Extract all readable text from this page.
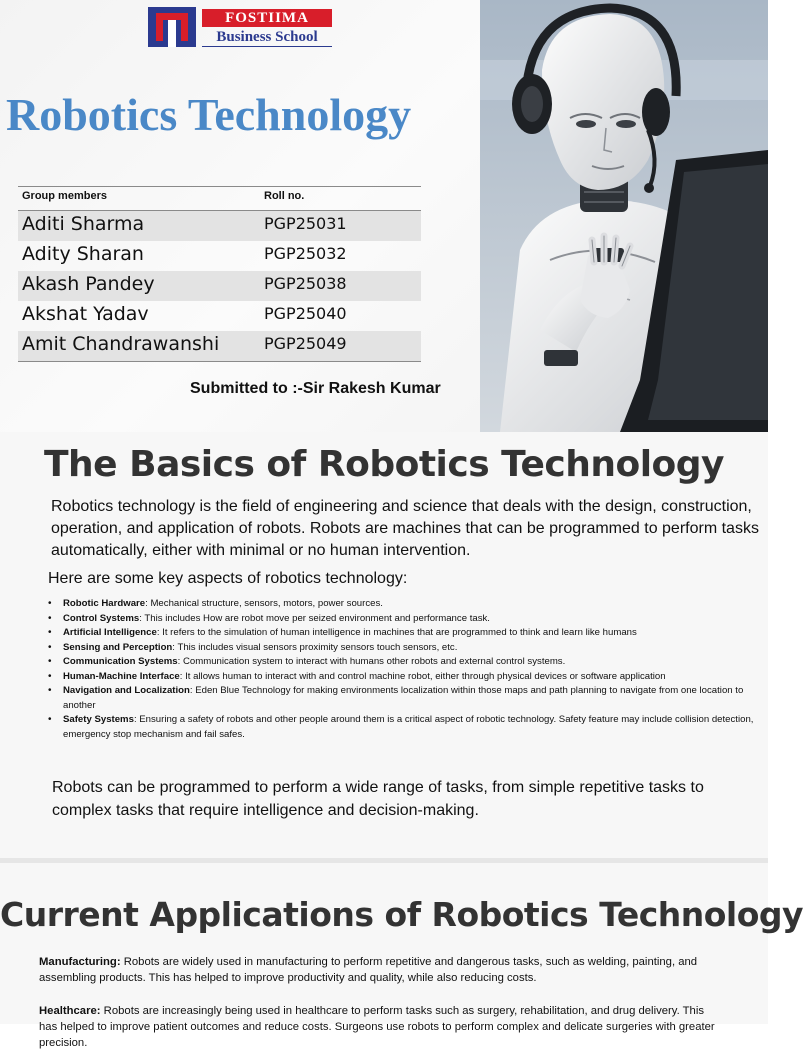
FOSTIIMA
Business School
Robotics Technology
Group members	Roll no.
Aditi Sharma	PGP25031
Adity Sharan	PGP25032
Akash Pandey	PGP25038
Akshat Yadav	PGP25040
Amit Chandrawanshi	PGP25049
Submitted to :-Sir Rakesh Kumar
The Basics of Robotics Technology
Robotics technology is the field of engineering and science that deals with the design, construction, operation, and application of robots. Robots are machines that can be programmed to perform tasks automatically, either with minimal or no human intervention.
Here are some key aspects of robotics technology:
• Robotic Hardware: Mechanical structure, sensors, motors, power sources.
• Control Systems: This includes How are robot move per seized environment and performance task.
• Artificial Intelligence: It refers to the simulation of human intelligence in machines that are programmed to think and learn like humans
• Sensing and Perception: This includes visual sensors proximity sensors touch sensors, etc.
• Communication Systems: Communication system to interact with humans other robots and external control systems.
• Human-Machine Interface: It allows human to interact with and control machine robot, either through physical devices or software application
• Navigation and Localization: Eden Blue Technology for making environments localization within those maps and path planning to navigate from one location to another
• Safety Systems: Ensuring a safety of robots and other people around them is a critical aspect of robotic technology. Safety feature may include collision detection, emergency stop mechanism and fail safes.
Robots can be programmed to perform a wide range of tasks, from simple repetitive tasks to complex tasks that require intelligence and decision-making.
Current Applications of Robotics Technology
Manufacturing: Robots are widely used in manufacturing to perform repetitive and dangerous tasks, such as welding, painting, and assembling products. This has helped to improve productivity and quality, while also reducing costs.
Healthcare: Robots are increasingly being used in healthcare to perform tasks such as surgery, rehabilitation, and drug delivery. This has helped to improve patient outcomes and reduce costs. Surgeons use robots to perform complex and delicate surgeries with greater precision.
